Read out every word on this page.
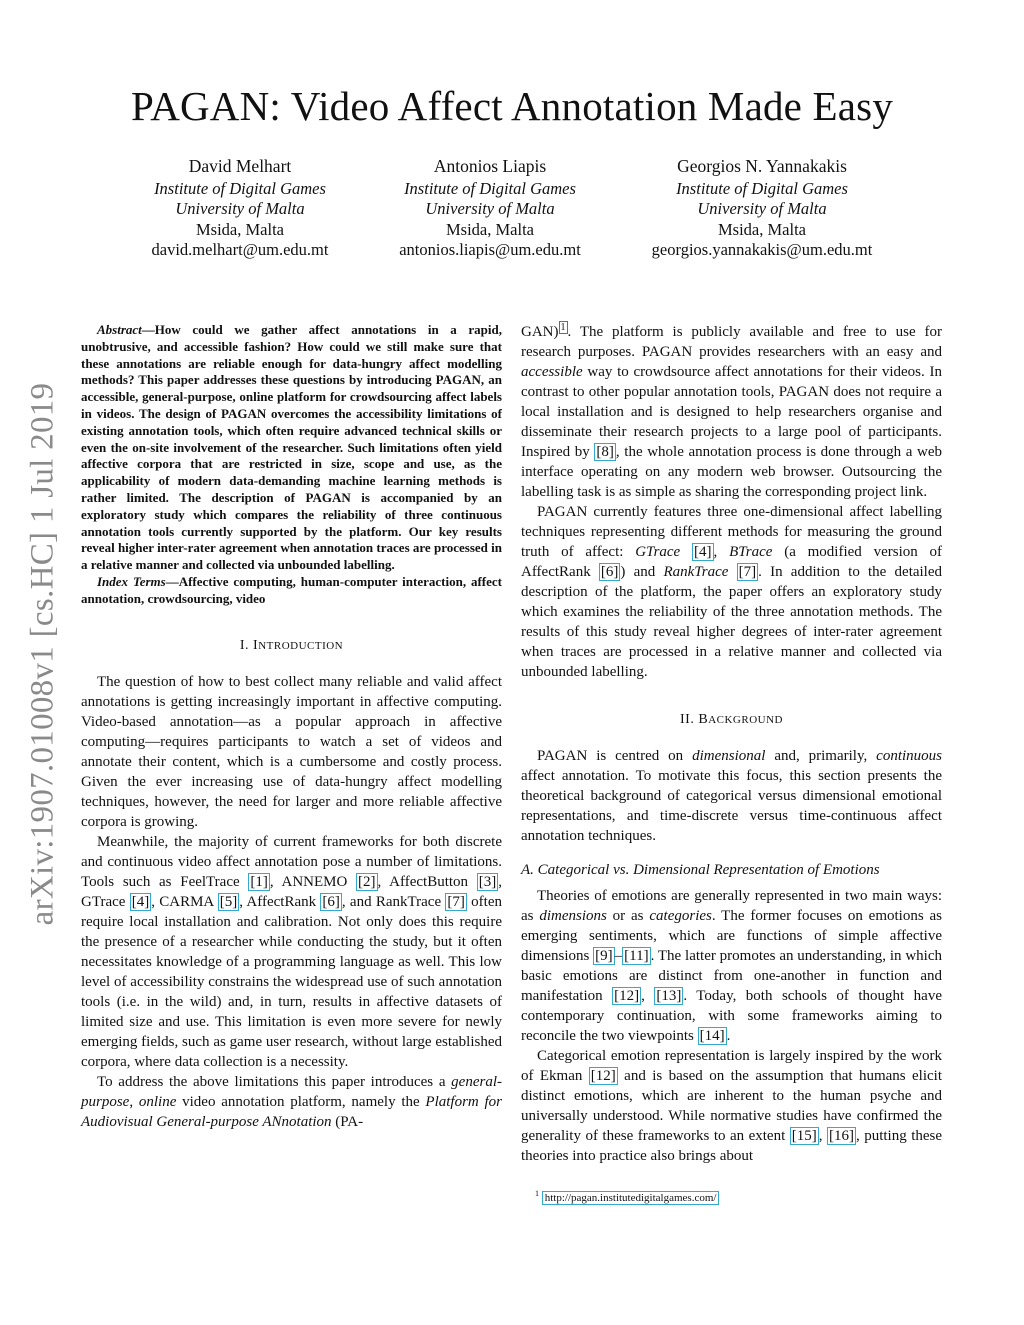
PAGAN: Video Affect Annotation Made Easy
David Melhart
Institute of Digital Games
University of Malta
Msida, Malta
david.melhart@um.edu.mt
Antonios Liapis
Institute of Digital Games
University of Malta
Msida, Malta
antonios.liapis@um.edu.mt
Georgios N. Yannakakis
Institute of Digital Games
University of Malta
Msida, Malta
georgios.yannakakis@um.edu.mt
arXiv:1907.01008v1 [cs.HC] 1 Jul 2019

Abstract—How could we gather affect annotations in a rapid, unobtrusive, and accessible fashion? How could we still make sure that these annotations are reliable enough for data-hungry affect modelling methods? This paper addresses these questions by introducing PAGAN, an accessible, general-purpose, online platform for crowdsourcing affect labels in videos. The design of PAGAN overcomes the accessibility limitations of existing annotation tools, which often require advanced technical skills or even the on-site involvement of the researcher. Such limitations often yield affective corpora that are restricted in size, scope and use, as the applicability of modern data-demanding machine learning methods is rather limited. The description of PAGAN is accompanied by an exploratory study which compares the reliability of three continuous annotation tools currently supported by the platform. Our key results reveal higher inter-rater agreement when annotation traces are processed in a relative manner and collected via unbounded labelling.

Index Terms—Affective computing, human-computer interaction, affect annotation, crowdsourcing, video

I. INTRODUCTION

The question of how to best collect many reliable and valid affect annotations is getting increasingly important in affective computing. Video-based annotation—as a popular approach in affective computing—requires participants to watch a set of videos and annotate their content, which is a cumbersome and costly process. Given the ever increasing use of data-hungry affect modelling techniques, however, the need for larger and more reliable affective corpora is growing.

Meanwhile, the majority of current frameworks for both discrete and continuous video affect annotation pose a number of limitations. Tools such as FeelTrace [1] , ANNEMO [2] , AffectButton [3] , GTrace [4] , CARMA [5] , AffectRank [6] , and RankTrace [7] often require local installation and calibration. Not only does this require the presence of a researcher while conducting the study, but it often necessitates knowledge of a programming language as well. This low level of accessibility constrains the widespread use of such annotation tools (i.e. in the wild) and, in turn, results in affective datasets of limited size and use. This limitation is even more severe for newly emerging fields, such as game user research, without large established corpora, where data collection is a necessity.

To address the above limitations this paper introduces a general-purpose, online video annotation platform, namely the Platform for Audiovisual General-purpose ANnotation (PA-

GAN) $^1$ . The platform is publicly available and free to use for research purposes. PAGAN provides researchers with an easy and accessible way to crowdsource affect annotations for their videos. In contrast to other popular annotation tools, PAGAN does not require a local installation and is designed to help researchers organise and disseminate their research projects to a large pool of participants. Inspired by [8] , the whole annotation process is done through a web interface operating on any modern web browser. Outsourcing the labelling task is as simple as sharing the corresponding project link.

PAGAN currently features three one-dimensional affect labelling techniques representing different methods for measuring the ground truth of affect: GTrace [4] , BTrace (a modified version of AffectRank [6] ) and RankTrace [7] . In addition to the detailed description of the platform, the paper offers an exploratory study which examines the reliability of the three annotation methods. The results of this study reveal higher degrees of inter-rater agreement when traces are processed in a relative manner and collected via unbounded labelling.

II. BACKGROUND

PAGAN is centred on dimensional and, primarily, continuous affect annotation. To motivate this focus, this section presents the theoretical background of categorical versus dimensional emotional representations, and time-discrete versus time-continuous affect annotation techniques.

A. Categorical vs. Dimensional Representation of Emotions

Theories of emotions are generally represented in two main ways: as dimensions or as categories. The former focuses on emotions as emerging sentiments, which are functions of simple affective dimensions [9] – [11] . The latter promotes an understanding, in which basic emotions are distinct from one-another in function and manifestation [12] , [13] . Today, both schools of thought have contemporary continuation, with some frameworks aiming to reconcile the two viewpoints [14] .

Categorical emotion representation is largely inspired by the work of Ekman [12] and is based on the assumption that humans elicit distinct emotions, which are inherent to the human psyche and universally understood. While normative studies have confirmed the generality of these frameworks to an extent [15] , [16] , putting these theories into practice also brings about

$^1$ http://pagan.institutedigitalgames.com/
